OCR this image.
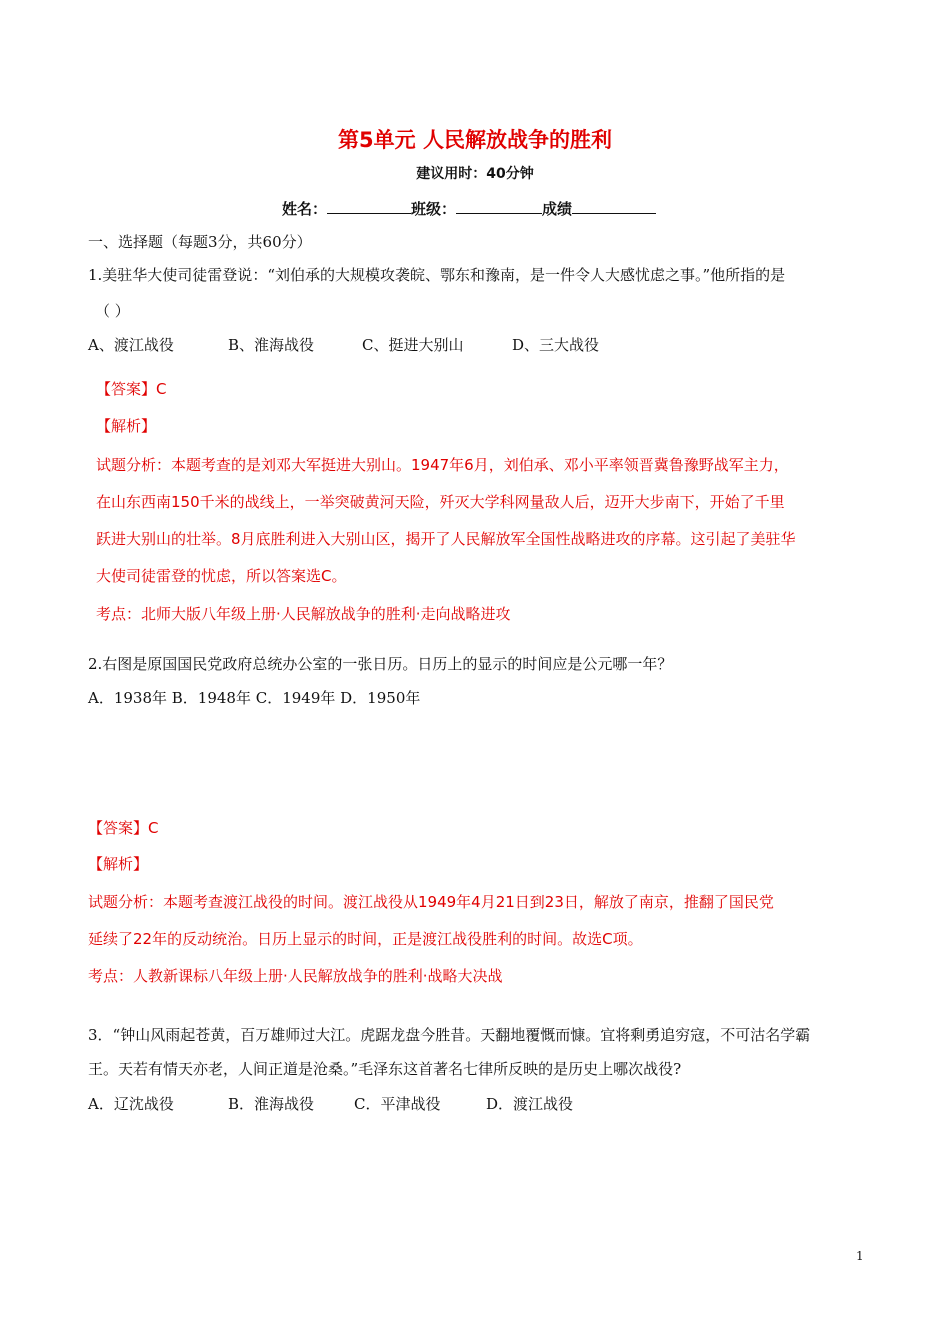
第5单元 人民解放战争的胜利
建议用时：40分钟
姓名：	班级：	成绩
一、选择题（每题3分，共60分）
1.美驻华大使司徒雷登说：“刘伯承的大规模攻袭皖、鄂东和豫南，是一件令人大感忧虑之事。”他所指的是
（ ）
A、渡江战役	B、淮海战役	C、挺进大别山	D、三大战役
【答案】C
【解析】
试题分析：本题考查的是刘邓大军挺进大别山。1947年6月，刘伯承、邓小平率领晋冀鲁豫野战军主力，
在山东西南150千米的战线上，一举突破黄河天险，歼灭大学科网量敌人后，迈开大步南下，开始了千里
跃进大别山的壮举。8月底胜利进入大别山区，揭开了人民解放军全国性战略进攻的序幕。这引起了美驻华
大使司徒雷登的忧虑，所以答案选C。
考点：北师大版八年级上册·人民解放战争的胜利·走向战略进攻
2.右图是原国国民党政府总统办公室的一张日历。日历上的显示的时间应是公元哪一年？
A．1938年 B．1948年 C．1949年 D．1950年
【答案】C
【解析】
试题分析：本题考查渡江战役的时间。渡江战役从1949年4月21日到23日，解放了南京，推翻了国民党
延续了22年的反动统治。日历上显示的时间，正是渡江战役胜利的时间。故选C项。
考点：人教新课标八年级上册·人民解放战争的胜利·战略大决战
3．“钟山风雨起苍黄，百万雄师过大江。虎踞龙盘今胜昔。天翻地覆慨而慷。宜将剩勇追穷寇，不可沽名学霸
王。天若有情天亦老，人间正道是沧桑。”毛泽东这首著名七律所反映的是历史上哪次战役?
A．辽沈战役	B．淮海战役	C．平津战役	D．渡江战役
1
